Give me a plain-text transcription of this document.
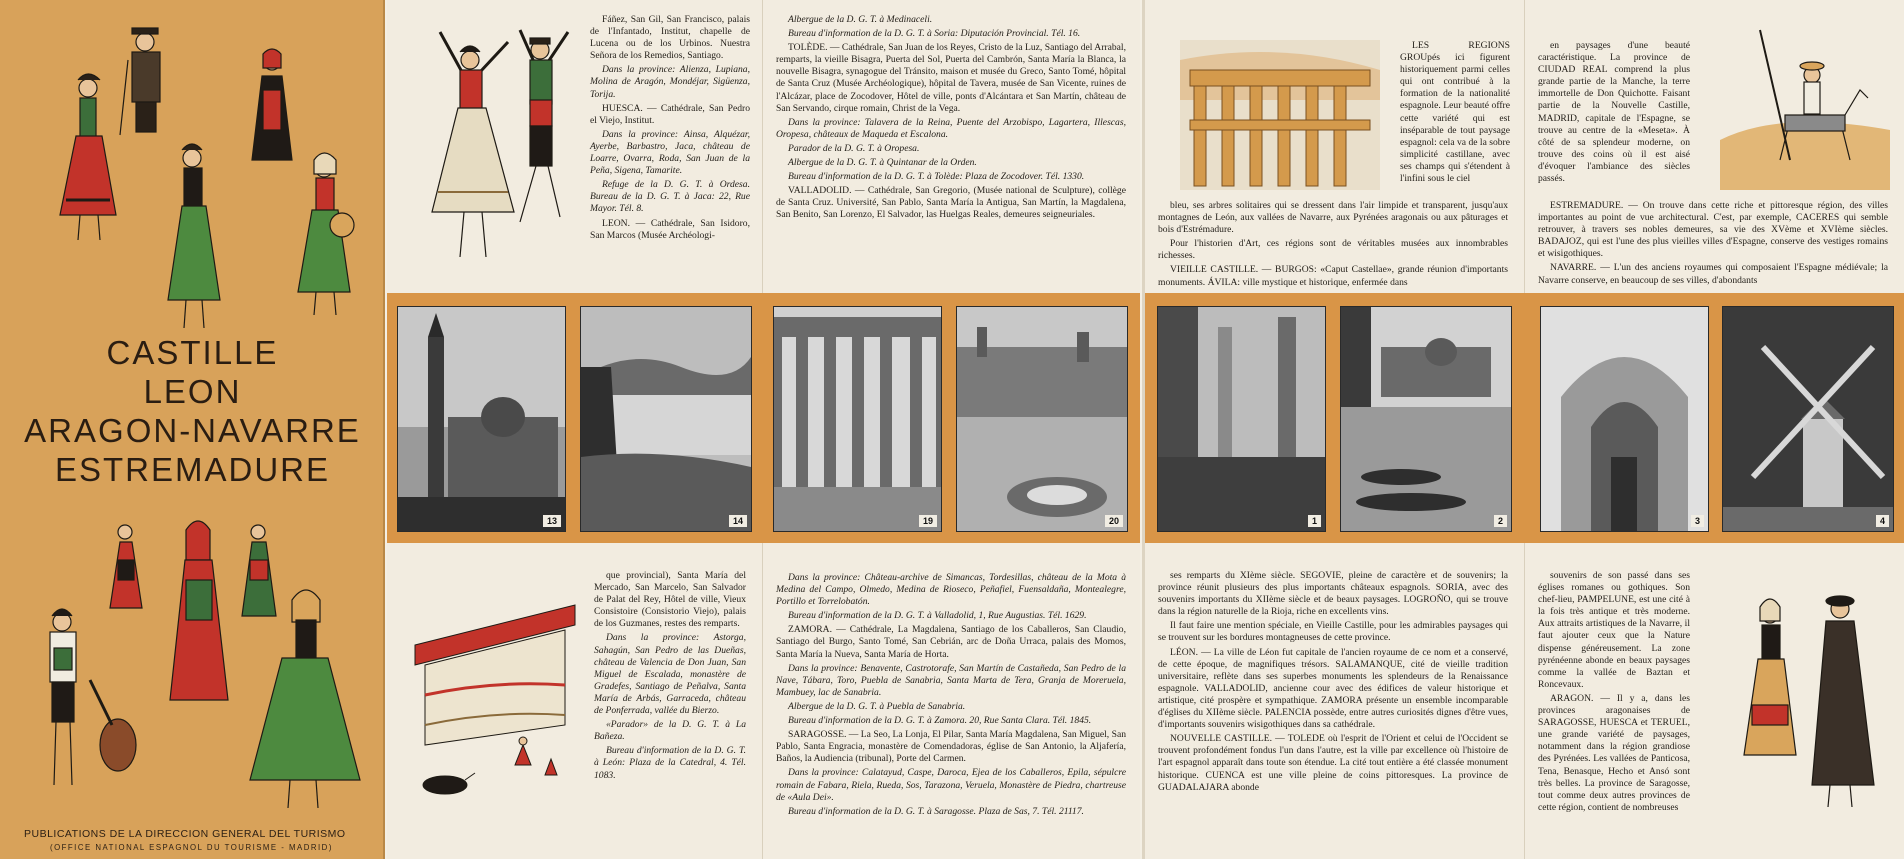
CASTILLE
LEON
ARAGON-NAVARRE
ESTREMADURE
PUBLICATIONS DE LA DIRECCION GENERAL DEL TURISMO
(OFFICE NATIONAL ESPAGNOL DU TOURISME - MADRID)

Fáñez, San Gil, San Francisco, palais de l'Infantado, Institut, chapelle de Lucena ou de los Urbinos. Nuestra Señora de los Remedios, Santiago.

Dans la province: Alienza, Lupiana, Molina de Aragón, Mondéjar, Sigüenza, Torija.

HUESCA. — Cathédrale, San Pedro el Viejo, Institut.

Dans la province: Ainsa, Alquézar, Ayerbe, Barbastro, Jaca, château de Loarre, Ovarra, Roda, San Juan de la Peña, Sigena, Tamarite.

Refuge de la D. G. T. à Ordesa. Bureau de la D. G. T. à Jaca: 22, Rue Mayor. Tél. 8.

LEON. — Cathédrale, San Isidoro, San Marcos (Musée Archéologi-

13	14

que provincial), Santa María del Mercado, San Marcelo, San Salvador de Palat del Rey, Hôtel de ville, Vieux Consistoire (Consistorio Viejo), palais de los Guzmanes, restes des remparts.

Dans la province: Astorga, Sahagún, San Pedro de las Dueñas, château de Valencia de Don Juan, San Miguel de Escalada, monastère de Gradefes, Santiago de Peñalva, Santa María de Arbás, Garraceda, château de Ponferrada, vallée du Bierzo.

«Parador» de la D. G. T. à La Bañeza.

Bureau d'information de la D. G. T. à León: Plaza de la Catedral, 4. Tél. 1083.

Albergue de la D. G. T. à Medinaceli.

Bureau d'information de la D. G. T. à Soria: Diputación Provincial. Tél. 16.

TOLÈDE. — Cathédrale, San Juan de los Reyes, Cristo de la Luz, Santiago del Arrabal, remparts, la vieille Bisagra, Puerta del Sol, Puerta del Cambrón, Santa María la Blanca, la nouvelle Bisagra, synagogue del Tránsito, maison et musée du Greco, Santo Tomé, hôpital de Santa Cruz (Musée Archéologique), hôpital de Tavera, musée de San Vicente, ruines de l'Alcázar, place de Zocodover, Hôtel de ville, ponts d'Alcántara et San Martín, château de San Servando, cirque romain, Christ de la Vega.

Dans la province: Talavera de la Reina, Puente del Arzobispo, Lagartera, Illescas, Oropesa, châteaux de Maqueda et Escalona.

Parador de la D. G. T. à Oropesa.

Albergue de la D. G. T. à Quintanar de la Orden.

Bureau d'information de la D. G. T. à Tolède: Plaza de Zocodover. Tél. 1330.

VALLADOLID. — Cathédrale, San Gregorio, (Musée national de Sculpture), collège de Santa Cruz. Université, San Pablo, Santa María la Antigua, San Martín, la Magdalena, San Benito, San Lorenzo, El Salvador, las Huelgas Reales, demeures seigneuriales.

19	20

Dans la province: Château-archive de Simancas, Tordesillas, château de la Mota à Medina del Campo, Olmedo, Medina de Rioseco, Peñafiel, Fuensaldaña, Montealegre, Portillo et Torrelobatón.

Bureau d'information de la D. G. T. à Valladolid, 1, Rue Augustias. Tél. 1629.

ZAMORA. — Cathédrale, La Magdalena, Santiago de los Caballeros, San Claudio, Santiago del Burgo, Santo Tomé, San Cebrián, arc de Doña Urraca, palais des Momos, Santa María la Nueva, Santa María de Horta.

Dans la province: Benavente, Castrotorafe, San Martín de Castañeda, San Pedro de la Nave, Tábara, Toro, Puebla de Sanabria, Santa Marta de Tera, Granja de Moreruela, Mambuey, lac de Sanabria.

Albergue de la D. G. T. à Puebla de Sanabria.

Bureau d'information de la D. G. T. à Zamora. 20, Rue Santa Clara. Tél. 1845.

SARAGOSSE. — La Seo, La Lonja, El Pilar, Santa María Magdalena, San Miguel, San Pablo, Santa Engracia, monastère de Comendadoras, église de San Antonio, la Aljafería, Baños, la Audiencia (tribunal), Porte del Carmen.

Dans la province: Calatayud, Caspe, Daroca, Ejea de los Caballeros, Epila, sépulcre romain de Fabara, Riela, Rueda, Sos, Tarazona, Veruela, Monastère de Piedra, chartreuse de «Aula Dei».

Bureau d'information de la D. G. T. à Saragosse. Plaza de Sas, 7. Tél. 21117.

LES REGIONS GROUpés ici figurent historiquement parmi celles qui ont contribué à la formation de la nationalité espagnole. Leur beauté offre cette variété qui est inséparable de tout paysage espagnol: cela va de la sobre simplicité castillane, avec ses champs qui s'étendent à l'infini sous le ciel

bleu, ses arbres solitaires qui se dressent dans l'air limpide et transparent, jusqu'aux montagnes de León, aux vallées de Navarre, aux Pyrénées aragonais ou aux pâturages et bois d'Estrémadure.

Pour l'historien d'Art, ces régions sont de véritables musées aux innombrables richesses.

VIEILLE CASTILLE. — BURGOS: «Caput Castellae», grande réunion d'importants monuments. ÁVILA: ville mystique et historique, enfermée dans

1	2

ses remparts du XIème siècle. SEGOVIE, pleine de caractère et de souvenirs; la province réunit plusieurs des plus importants châteaux espagnols. SORIA, avec des souvenirs importants du XIIème siècle et de beaux paysages. LOGROÑO, qui se trouve dans la région naturelle de la Rioja, riche en excellents vins.

Il faut faire une mention spéciale, en Vieille Castille, pour les admirables paysages qui se trouvent sur les bordures montagneuses de cette province.

LÉON. — La ville de Léon fut capitale de l'ancien royaume de ce nom et a conservé, de cette époque, de magnifiques trésors. SALAMANQUE, cité de vieille tradition universitaire, reflète dans ses superbes monuments les splendeurs de la Renaissance espagnole. VALLADOLID, ancienne cour avec des édifices de valeur historique et artistique, cité prospère et sympathique. ZAMORA présente un ensemble incomparable d'églises du XIIème siècle. PALENCIA possède, entre autres curiosités dignes d'être vues, d'importants souvenirs wisigothiques dans sa cathédrale.

NOUVELLE CASTILLE. — TOLEDE où l'esprit de l'Orient et celui de l'Occident se trouvent profondément fondus l'un dans l'autre, est la ville par excellence où l'histoire de l'art espagnol apparaît dans toute son étendue. La cité tout entière a été classée monument historique. CUENCA est une ville pleine de coins pittoresques. La province de GUADALAJARA abonde

en paysages d'une beauté caractéristique. La province de CIUDAD REAL comprend la plus grande partie de la Manche, la terre immortelle de Don Quichotte. Faisant partie de la Nouvelle Castille, MADRID, capitale de l'Espagne, se trouve au centre de la «Meseta». À côté de sa splendeur moderne, on trouve des coins où il est aisé d'évoquer l'ambiance des siècles passés.

ESTREMADURE. — On trouve dans cette riche et pittoresque région, des villes importantes au point de vue architectural. C'est, par exemple, CACERES qui semble retrouver, à travers ses nobles demeures, sa vie des XVème et XVIème siècles. BADAJOZ, qui est l'une des plus vieilles villes d'Espagne, conserve des vestiges romains et wisigothiques.

NAVARRE. — L'un des anciens royaumes qui composaient l'Espagne médiévale; la Navarre conserve, en beaucoup de ses villes, d'abondants

3	4

souvenirs de son passé dans ses églises romanes ou gothiques. Son chef-lieu, PAMPELUNE, est une cité à la fois très antique et très moderne. Aux attraits artistiques de la Navarre, il faut ajouter ceux que la Nature dispense généreusement. La zone pyrénéenne abonde en beaux paysages comme la vallée de Baztan et Roncevaux.

ARAGON. — Il y a, dans les provinces aragonaises de SARAGOSSE, HUESCA et TERUEL, une grande variété de paysages, notamment dans la région grandiose des Pyrénées. Les vallées de Panticosa, Tena, Benasque, Hecho et Ansó sont très belles. La province de Saragosse, tout comme deux autres provinces de cette région, contient de nombreuses
